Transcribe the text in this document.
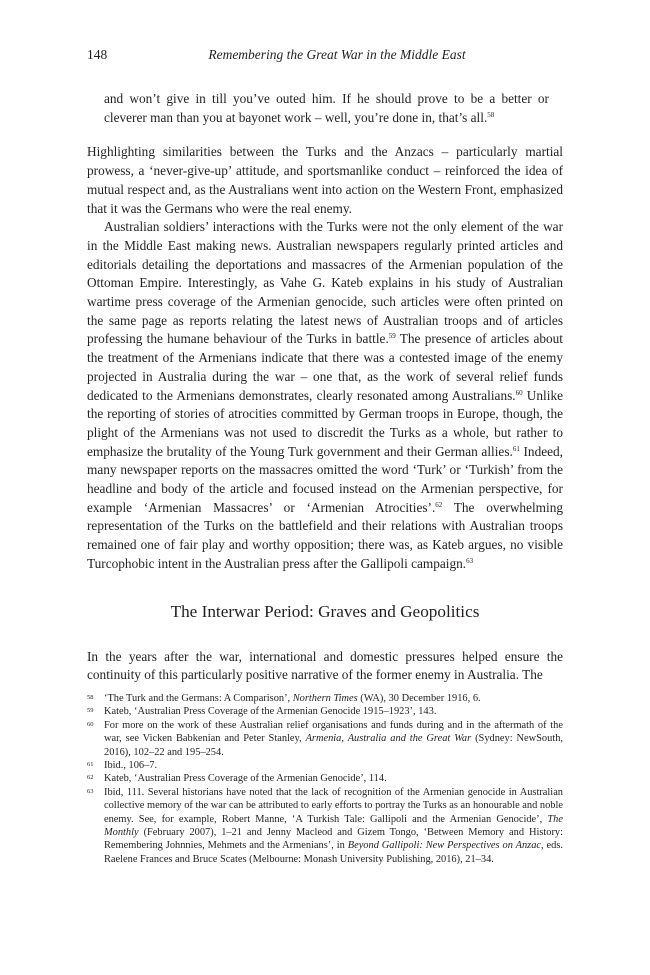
148	Remembering the Great War in the Middle East

and won’t give in till you’ve outed him. If he should prove to be a better or cleverer man than you at bayonet work – well, you’re done in, that’s all.$^{58}$

Highlighting similarities between the Turks and the Anzacs – particularly martial prowess, a ‘never-give-up’ attitude, and sportsmanlike conduct – reinforced the idea of mutual respect and, as the Australians went into action on the Western Front, emphasized that it was the Germans who were the real enemy.

Australian soldiers’ interactions with the Turks were not the only element of the war in the Middle East making news. Australian newspapers regularly printed articles and editorials detailing the deportations and massacres of the Armenian population of the Ottoman Empire. Interestingly, as Vahe G. Kateb explains in his study of Australian wartime press coverage of the Armenian genocide, such articles were often printed on the same page as reports relating the latest news of Australian troops and of articles professing the humane behaviour of the Turks in battle.$^{59}$ The presence of articles about the treatment of the Armenians indicate that there was a contested image of the enemy projected in Australia during the war – one that, as the work of several relief funds dedicated to the Armenians demonstrates, clearly resonated among Australians.$^{60}$ Unlike the reporting of stories of atrocities committed by German troops in Europe, though, the plight of the Armenians was not used to discredit the Turks as a whole, but rather to emphasize the brutality of the Young Turk government and their German allies.$^{61}$ Indeed, many newspaper reports on the massacres omitted the word ‘Turk’ or ‘Turkish’ from the headline and body of the article and focused instead on the Armenian perspective, for example ‘Armenian Massacres’ or ‘Armenian Atrocities’.$^{62}$ The overwhelming representation of the Turks on the battlefield and their relations with Australian troops remained one of fair play and worthy opposition; there was, as Kateb argues, no visible Turcophobic intent in the Australian press after the Gallipoli campaign.$^{63}$

The Interwar Period: Graves and Geopolitics

In the years after the war, international and domestic pressures helped ensure the continuity of this particularly positive narrative of the former enemy in Australia. The

58 ‘The Turk and the Germans: A Comparison’, Northern Times (WA), 30 December 1916, 6.

59 Kateb, ‘Australian Press Coverage of the Armenian Genocide 1915–1923’, 143.

60 For more on the work of these Australian relief organisations and funds during and in the aftermath of the war, see Vicken Babkenian and Peter Stanley, Armenia, Australia and the Great War (Sydney: NewSouth, 2016), 102–22 and 195–254.

61 Ibid., 106–7.

62 Kateb, ‘Australian Press Coverage of the Armenian Genocide’, 114.

63 Ibid, 111. Several historians have noted that the lack of recognition of the Armenian genocide in Australian collective memory of the war can be attributed to early efforts to portray the Turks as an honourable and noble enemy. See, for example, Robert Manne, ‘A Turkish Tale: Gallipoli and the Armenian Genocide’, The Monthly (February 2007), 1–21 and Jenny Macleod and Gizem Tongo, ‘Between Memory and History: Remembering Johnnies, Mehmets and the Armenians’, in Beyond Gallipoli: New Perspectives on Anzac, eds. Raelene Frances and Bruce Scates (Melbourne: Monash University Publishing, 2016), 21–34.
